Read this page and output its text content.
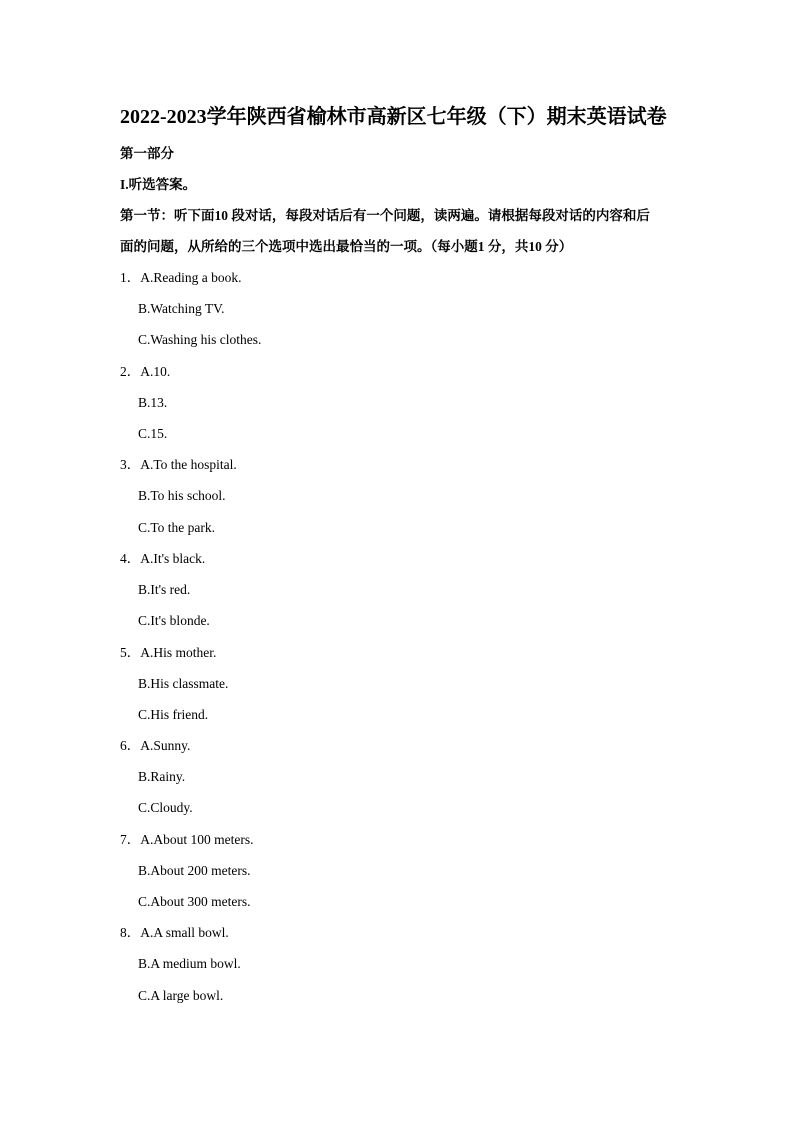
2022-2023学年陕西省榆林市高新区七年级（下）期末英语试卷
第一部分
I.听选答案。
第一节：听下面10 段对话，每段对话后有一个问题，读两遍。请根据每段对话的内容和后
面的问题，从所给的三个选项中选出最恰当的一项。（每小题1 分，共10 分）
1．A.Reading a book.
B.Watching TV.
C.Washing his clothes.
2．A.10.
B.13.
C.15.
3．A.To the hospital.
B.To his school.
C.To the park.
4．A.It's black.
B.It's red.
C.It's blonde.
5．A.His mother.
B.His classmate.
C.His friend.
6．A.Sunny.
B.Rainy.
C.Cloudy.
7．A.About 100 meters.
B.About 200 meters.
C.About 300 meters.
8．A.A small bowl.
B.A medium bowl.
C.A large bowl.
